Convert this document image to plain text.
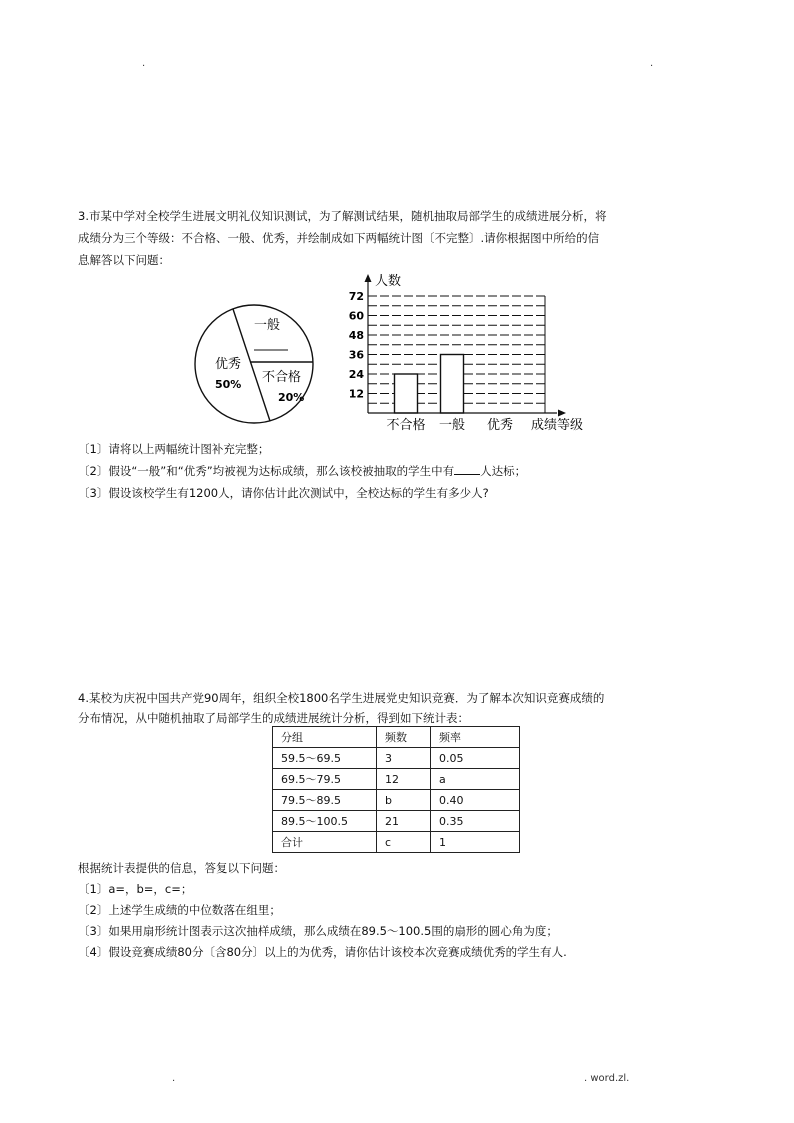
.	.
3.市某中学对全校学生进展文明礼仪知识测试，为了解测试结果，随机抽取局部学生的成绩进展分析，将
成绩分为三个等级：不合格、一般、优秀，并绘制成如下两幅统计图〔不完整〕.请你根据图中所给的信
息解答以下问题：
一般
优秀
50% 不合格
20%	12
24
36
48
60
72
不合格 一般 优秀
人数
成绩等级
〔1〕请将以上两幅统计图补充完整；
〔2〕假设“一般”和“优秀”均被视为达标成绩，那么该校被抽取的学生中有 人达标；
〔3〕假设该校学生有1200人，请你估计此次测试中，全校达标的学生有多少人?
4.某校为庆祝中国共产党90周年，组织全校1800名学生进展党史知识竞赛．为了解本次知识竞赛成绩的
分布情况，从中随机抽取了局部学生的成绩进展统计分析，得到如下统计表：
分组	频数	频率
59.5～69.5	3	0.05
69.5～79.5	12	a
79.5～89.5	b	0.40
89.5～100.5	21	0.35
合计	c	1
根据统计表提供的信息，答复以下问题：
〔1〕a=，b=，c=；
〔2〕上述学生成绩的中位数落在组里；
〔3〕如果用扇形统计图表示这次抽样成绩，那么成绩在89.5～100.5围的扇形的圆心角为度；
〔4〕假设竞赛成绩80分〔含80分〕以上的为优秀，请你估计该校本次竞赛成绩优秀的学生有人.
.	. word.zl.
